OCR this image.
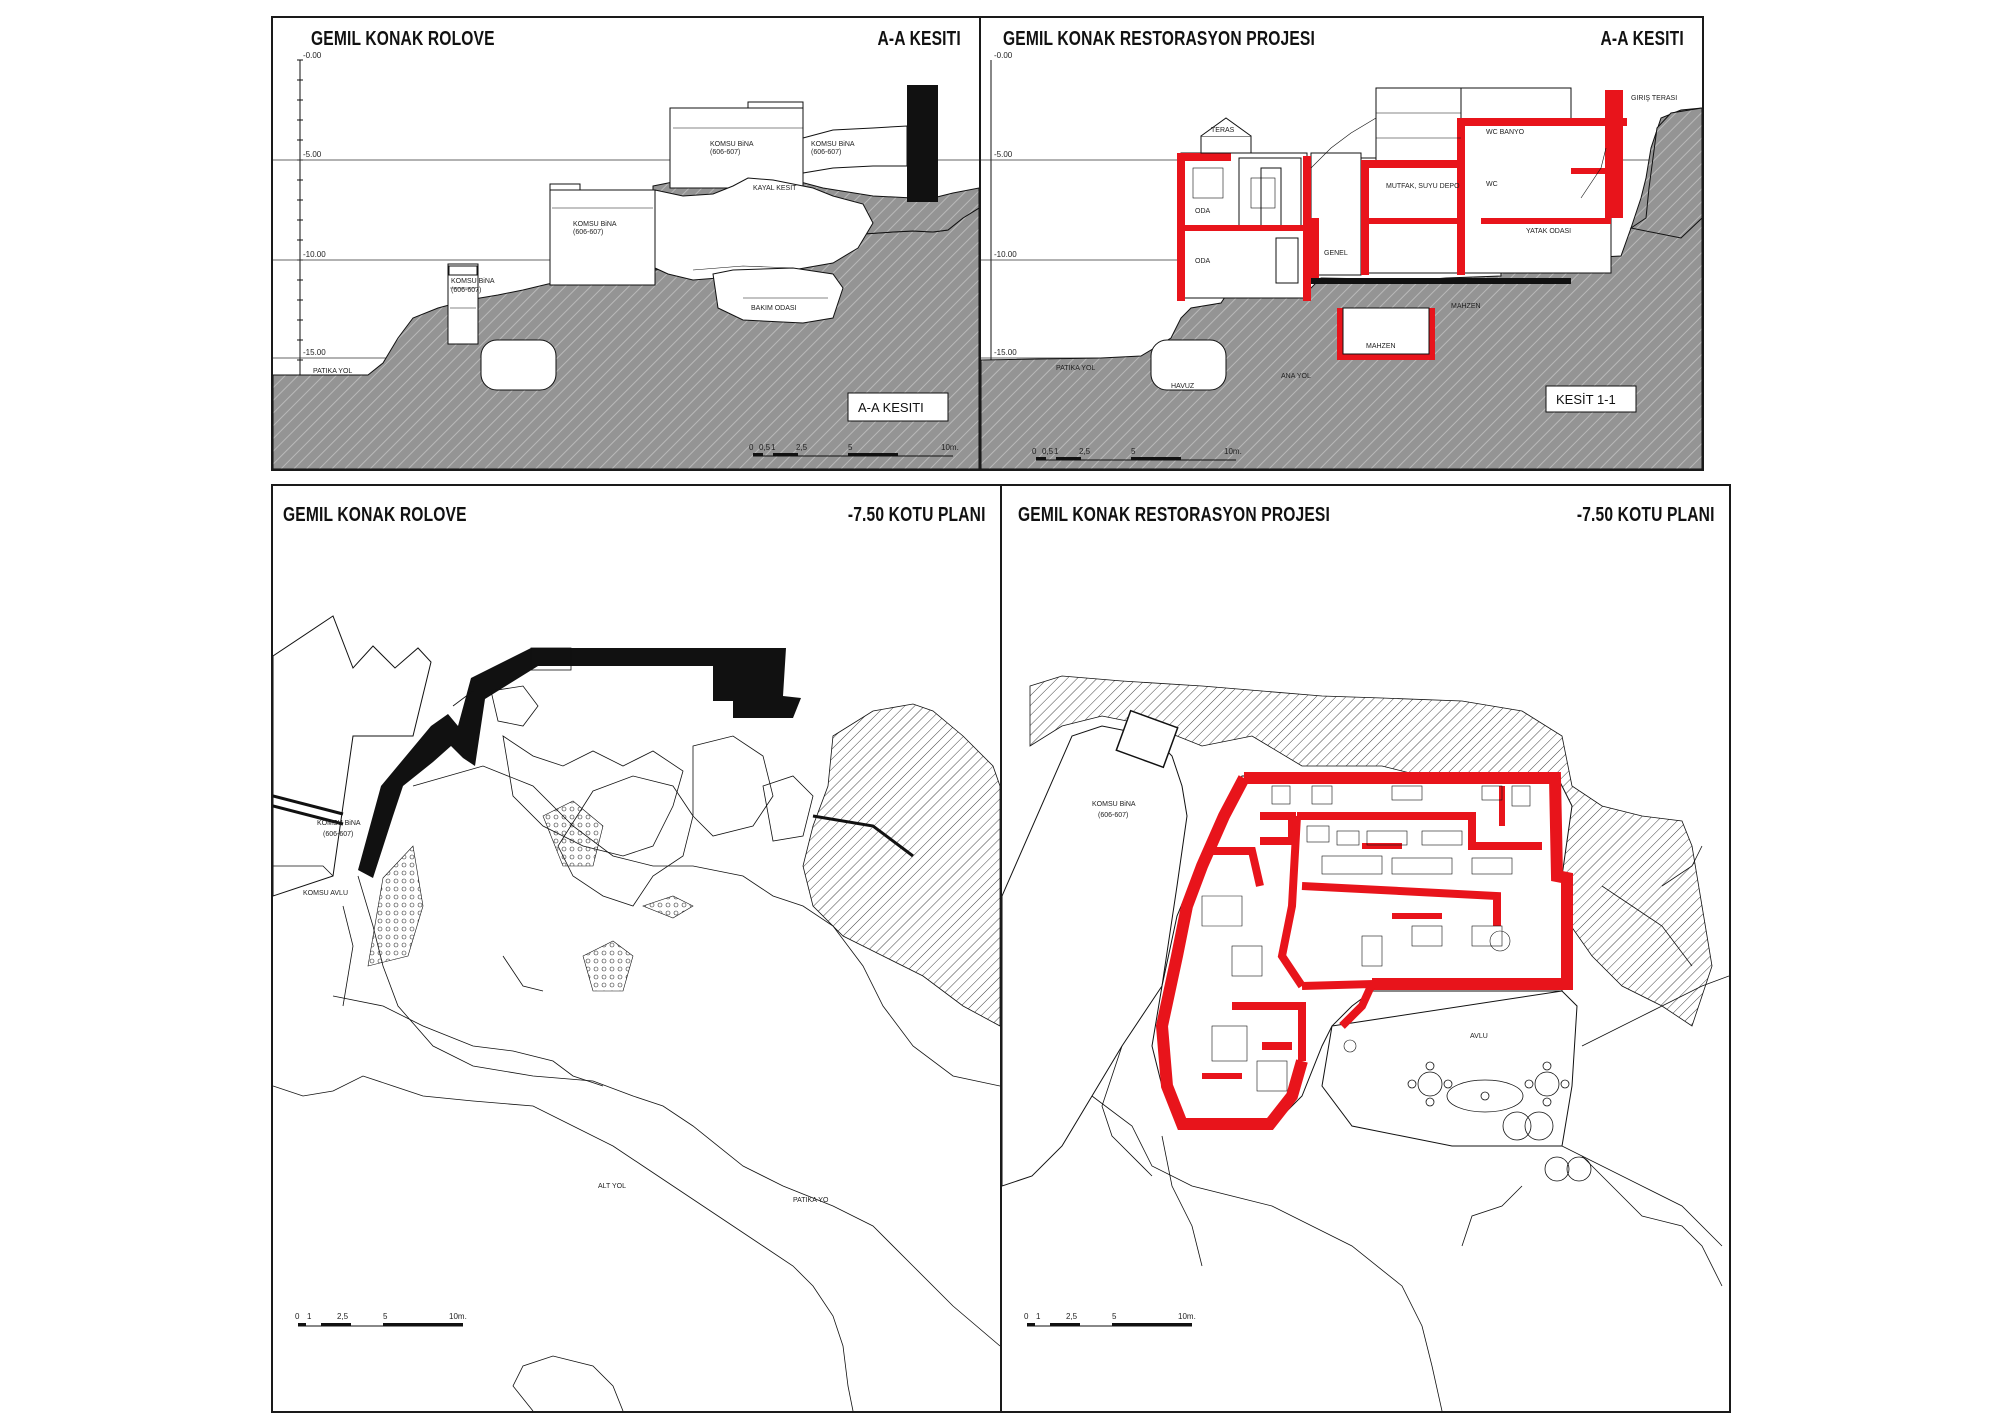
GEMIL KONAK ROLOVE	A-A KESITI
-0.00
-5.00
-10.00
-15.00
KOMSU BiNA
(606-607)
KOMSU BiNA
(606-607)
KOMSU BiNA
(606-607)
KOMSU BiNA
(606-607)
KAYAL KESIT
BAKIM ODASI
PATIKA YOL
A-A KESITI
0 0,5 1	2,5	5	10m.
GEMIL KONAK RESTORASYON PROJESI	A-A KESITI
-0.00
-5.00
-10.00
-15.00
TERAS
ODA
ODA
MUTFAK, SUYU DEPO
YATAK ODASI
WC BANYO
WC
GENEL
GIRIŞ TERASI
MAHZEN
MAHZEN
HAVUZ
PATIKA YOL
ANA YOL
KESİT 1-1
0 0,5 1	2,5	5	10m.
GEMIL KONAK ROLOVE	-7.50 KOTU PLANI
KOMSU BiNA
(606-607)
KOMSU AVLU
ALT YOL
PATIKA YO
0 1	2,5	5	10m.
GEMIL KONAK RESTORASYON PROJESI	-7.50 KOTU PLANI
KOMSU BiNA
(606-607)
AVLU
0 1	2,5	5	10m.
